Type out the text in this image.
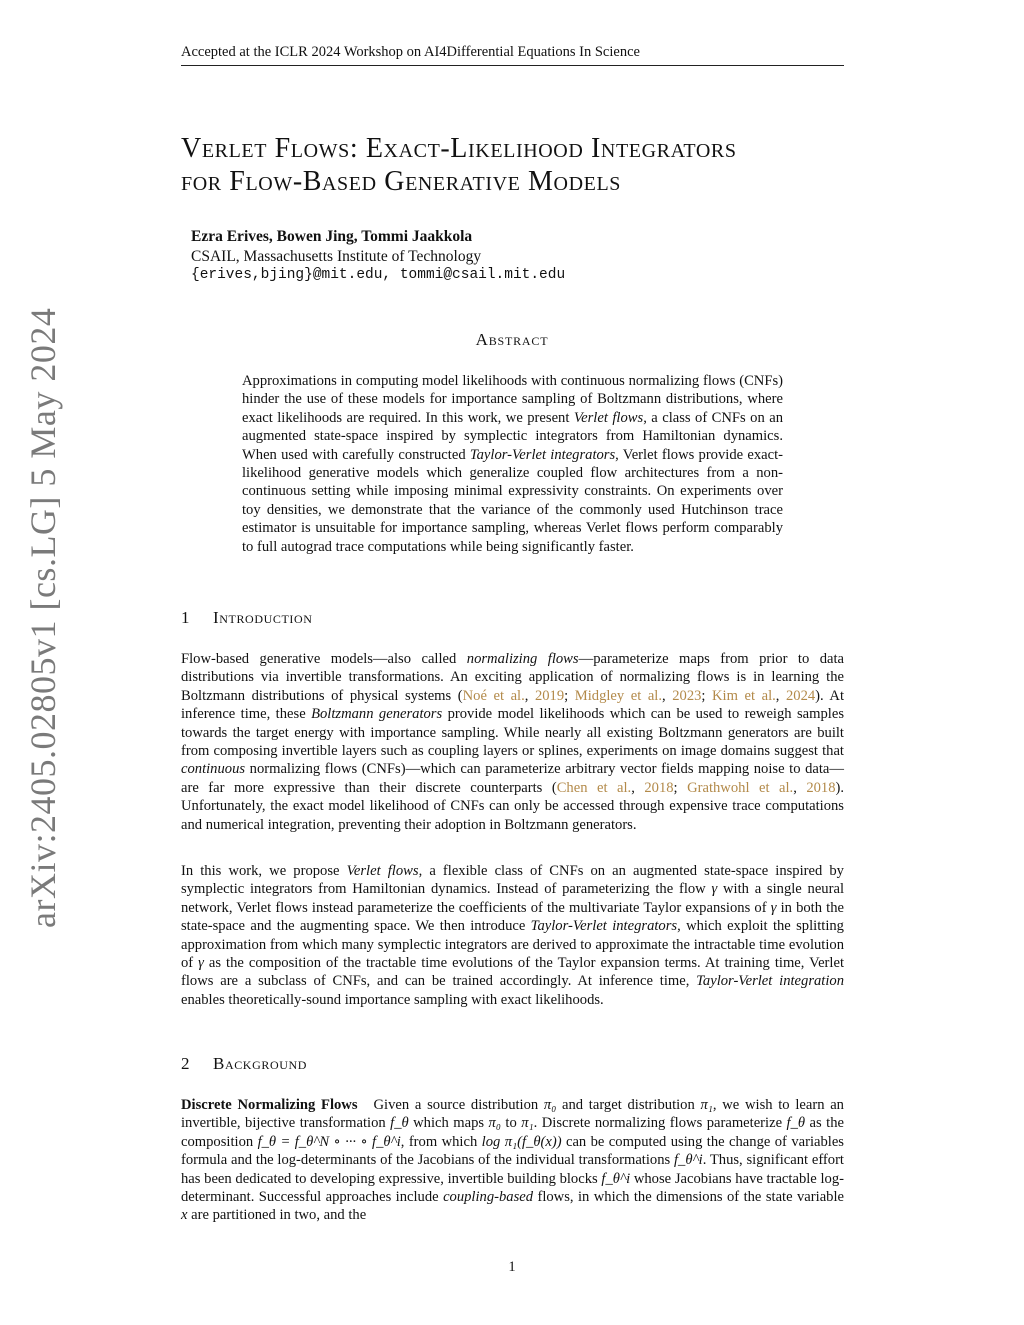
Accepted at the ICLR 2024 Workshop on AI4Differential Equations In Science
arXiv:2405.02805v1 [cs.LG] 5 May 2024
Verlet Flows: Exact-Likelihood Integrators
for Flow-Based Generative Models
Ezra Erives, Bowen Jing, Tommi Jaakkola
CSAIL, Massachusetts Institute of Technology
{erives,bjing}@mit.edu, tommi@csail.mit.edu
Abstract

Approximations in computing model likelihoods with continuous normalizing flows (CNFs) hinder the use of these models for importance sampling of Boltzmann distributions, where exact likelihoods are required. In this work, we present Verlet flows, a class of CNFs on an augmented state-space inspired by symplectic integrators from Hamiltonian dynamics. When used with carefully constructed Taylor-Verlet integrators, Verlet flows provide exact-likelihood generative models which generalize coupled flow architectures from a non-continuous setting while imposing minimal expressivity constraints. On experiments over toy densities, we demonstrate that the variance of the commonly used Hutchinson trace estimator is unsuitable for importance sampling, whereas Verlet flows perform comparably to full autograd trace computations while being significantly faster.

1 Introduction

Flow-based generative models—also called normalizing flows—parameterize maps from prior to data distributions via invertible transformations. An exciting application of normalizing flows is in learning the Boltzmann distributions of physical systems (Noé et al., 2019; Midgley et al., 2023; Kim et al., 2024). At inference time, these Boltzmann generators provide model likelihoods which can be used to reweigh samples towards the target energy with importance sampling. While nearly all existing Boltzmann generators are built from composing invertible layers such as coupling layers or splines, experiments on image domains suggest that continuous normalizing flows (CNFs)—which can parameterize arbitrary vector fields mapping noise to data—are far more expressive than their discrete counterparts (Chen et al., 2018; Grathwohl et al., 2018). Unfortunately, the exact model likelihood of CNFs can only be accessed through expensive trace computations and numerical integration, preventing their adoption in Boltzmann generators.

In this work, we propose Verlet flows, a flexible class of CNFs on an augmented state-space inspired by symplectic integrators from Hamiltonian dynamics. Instead of parameterizing the flow γ with a single neural network, Verlet flows instead parameterize the coefficients of the multivariate Taylor expansions of γ in both the state-space and the augmenting space. We then introduce Taylor-Verlet integrators, which exploit the splitting approximation from which many symplectic integrators are derived to approximate the intractable time evolution of γ as the composition of the tractable time evolutions of the Taylor expansion terms. At training time, Verlet flows are a subclass of CNFs, and can be trained accordingly. At inference time, Taylor-Verlet integration enables theoretically-sound importance sampling with exact likelihoods.

2 Background

Discrete Normalizing Flows Given a source distribution π₀ and target distribution π₁, we wish to learn an invertible, bijective transformation f_θ which maps π₀ to π₁. Discrete normalizing flows parameterize f_θ as the composition f_θ = f_θ^N ∘ ··· ∘ f_θ^i, from which log π₁(f_θ(x)) can be computed using the change of variables formula and the log-determinants of the Jacobians of the individual transformations f_θ^i. Thus, significant effort has been dedicated to developing expressive, invertible building blocks f_θ^i whose Jacobians have tractable log-determinant. Successful approaches include coupling-based flows, in which the dimensions of the state variable x are partitioned in two, and the

1
